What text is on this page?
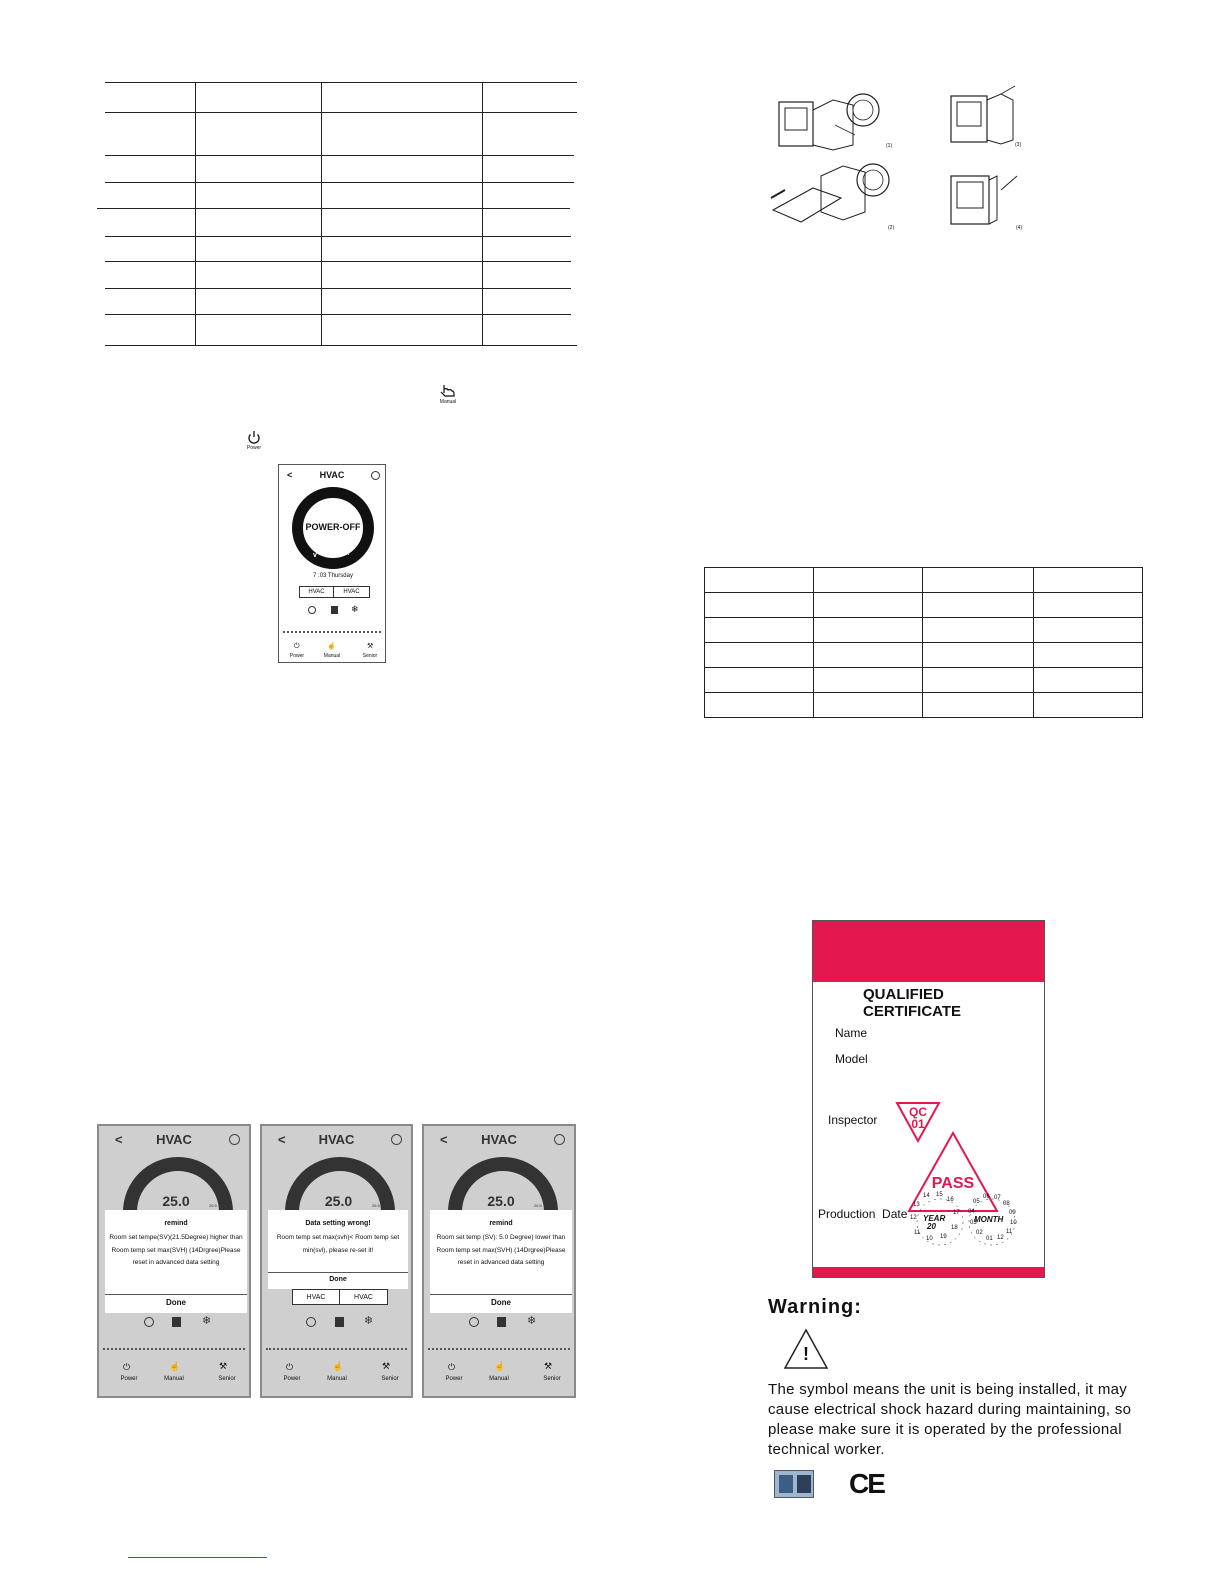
Manual
Power
<	HVAC
POWER-OFF
v	^
7 :03 Thursday
HVAC	HVAC
❄
⏻	☝	⚒
Power	Manual	Senior
<	HVAC
25.0	26.5
remind
Room set tempe(SV)(21.5Degree) higher than Room temp set max(SVH) (14Drgree)Please reset in advanced data setting
Done
❄
⏻	☝	⚒
Power	Manual	Senior
<	HVAC
25.0	26.5
Data setting wrong!
Room temp set max(svh)< Room temp set min(svl), please re-set it!
Done
HVAC	HVAC
❄
⏻	☝	⚒
Power	Manual	Senior
<	HVAC
25.0	26.5
remind
Room set temp (SV): 5.0 Degree) lower than Room temp set max(SVH) (14Drgree)Please reset in advanced data setting
Done
❄
⏻	☝	⚒
Power	Manual	Senior
(1)
(2)
(3)
(4)

QUALIFIED
CERTIFICATE
Name
Model
Inspector
QC
01
PASS
Production  Date YEAR
20
MONTH
14 15
16
17
18
19
10
11
12
13	05
06 07
08
09
10
11
12
01
02
03
04
Warning:
!
The symbol means the unit is being installed, it may cause electrical shock hazard during maintaining, so please make sure it is operated by the professional technical worker.
CE
